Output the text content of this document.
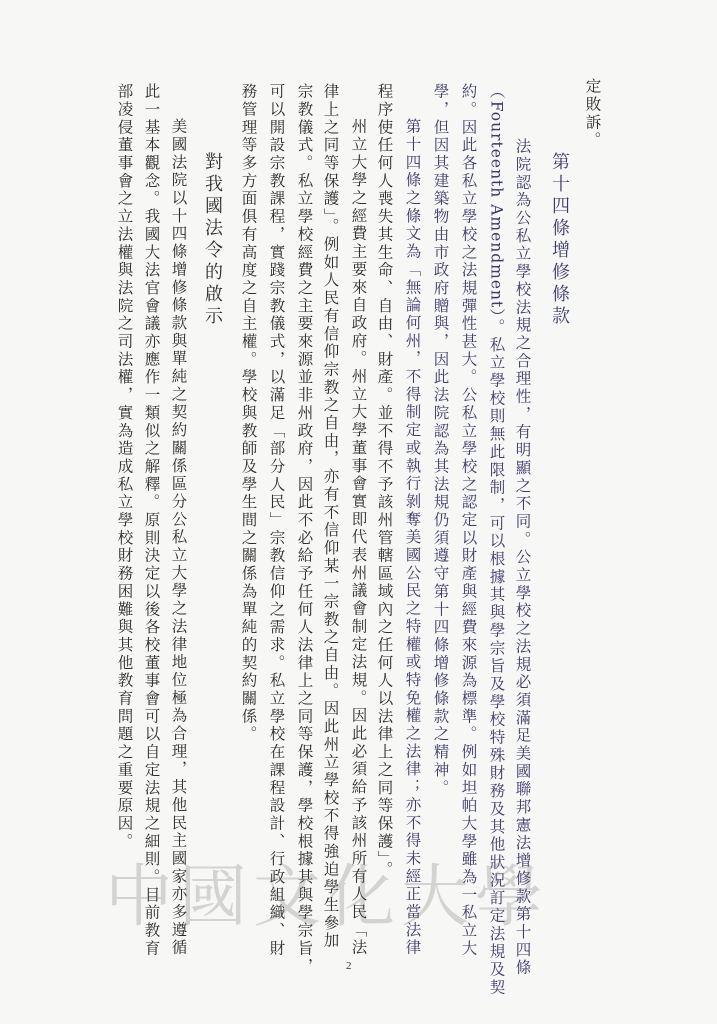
定敗訴。

第十四條增修條款

法院認為公私立學校法規之合理性，有明顯之不同。公立學校之法規必須滿足美國聯邦憲法增修款第十四條

（Fourteenth Amendment）。私立學校則無此限制，可以根據其與學宗旨及學校特殊財務及其他狀況訂定法規及契

約。因此各私立學校之法規彈性甚大。公私立學校之認定以財產與經費來源為標準。例如坦帕大學雖為一私立大

學，但因其建築物由市政府贈與，因此法院認為其法規仍須遵守第十四條增修條款之精神。

第十四條之條文為「無論何州，不得制定或執行剝奪美國公民之特權或特免權之法律；亦不得未經正當法律

程序使任何人喪失其生命、自由、財產。並不得不予該州管轄區域內之任何人以法律上之同等保護」。

州立大學之經費主要來自政府。州立大學董事會實即代表州議會制定法規。因此必須給予該州所有人民「法

律上之同等保護」。例如人民有信仰宗教之自由，亦有不信仰某一宗教之自由。因此州立學校不得強迫學生參加

宗教儀式。私立學校經費之主要來源並非州政府，因此不必給予任何人法律上之同等保護，學校根據其與學宗旨，

可以開設宗教課程，實踐宗教儀式，以滿足「部分人民」宗教信仰之需求。私立學校在課程設計、行政組織、財

務管理等多方面俱有高度之自主權。學校與教師及學生間之關係為單純的契約關係。

對我國法令的啟示

美國法院以十四條增修條款與單純之契約關係區分公私立大學之法律地位極為合理，其他民主國家亦多遵循

此一基本觀念。我國大法官會議亦應作一類似之解釋。原則決定以後各校董事會可以自定法規之細則。目前教育

部凌侵董事會之立法權與法院之司法權，實為造成私立學校財務困難與其他教育問題之重要原因。

中國文化大學
2
